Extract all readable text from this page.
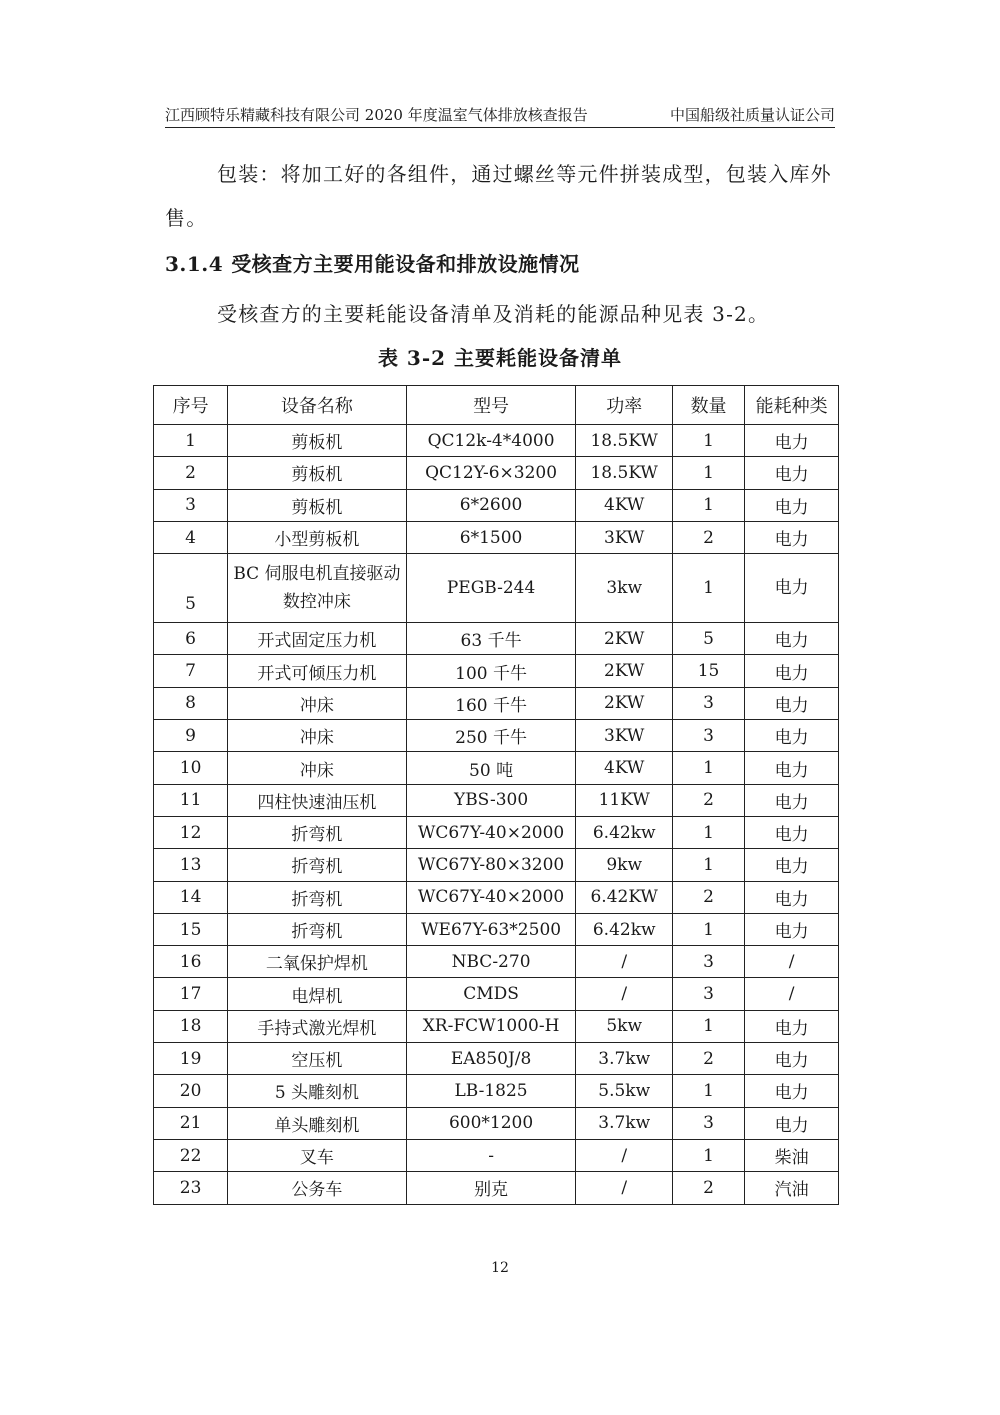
江西顾特乐精藏科技有限公司 2020 年度温室气体排放核查报告	中国船级社质量认证公司
包装：将加工好的各组件，通过螺丝等元件拼装成型，包装入库外售。
3.1.4 受核查方主要用能设备和排放设施情况
受核查方的主要耗能设备清单及消耗的能源品种见表 3-2。
表 3-2 主要耗能设备清单
序号	设备名称	型号	功率	数量	能耗种类
1	剪板机	QC12k-4*4000	18.5KW	1	电力
2	剪板机	QC12Y-6×3200	18.5KW	1	电力
3	剪板机	6*2600	4KW	1	电力
4	小型剪板机	6*1500	3KW	2	电力
5	BC 伺服电机直接驱动数控冲床	PEGB-244	3kw	1	电力
6	开式固定压力机	63 千牛	2KW	5	电力
7	开式可倾压力机	100 千牛	2KW	15	电力
8	冲床	160 千牛	2KW	3	电力
9	冲床	250 千牛	3KW	3	电力
10	冲床	50 吨	4KW	1	电力
11	四柱快速油压机	YBS-300	11KW	2	电力
12	折弯机	WC67Y-40×2000	6.42kw	1	电力
13	折弯机	WC67Y-80×3200	9kw	1	电力
14	折弯机	WC67Y-40×2000	6.42KW	2	电力
15	折弯机	WE67Y-63*2500	6.42kw	1	电力
16	二氧保护焊机	NBC-270	/	3	/
17	电焊机	CMDS	/	3	/
18	手持式激光焊机	XR-FCW1000-H	5kw	1	电力
19	空压机	EA850J/8	3.7kw	2	电力
20	5 头雕刻机	LB-1825	5.5kw	1	电力
21	单头雕刻机	600*1200	3.7kw	3	电力
22	叉车	-	/	1	柴油
23	公务车	别克	/	2	汽油
12
